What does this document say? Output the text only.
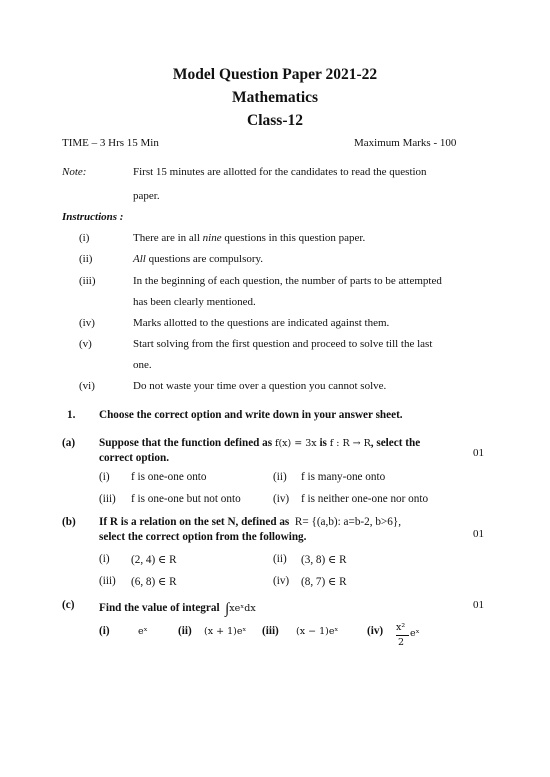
Model Question Paper 2021-22
Mathematics
Class-12
TIME – 3 Hrs 15 Min	Maximum Marks - 100
Note:	First 15 minutes are allotted for the candidates to read the question
paper.
Instructions :
(i)	There are in all nine questions in this question paper.
(ii)	All questions are compulsory.
(iii)	In the beginning of each question, the number of parts to be attempted
has been clearly mentioned.
(iv)	Marks allotted to the questions are indicated against them.
(v)	Start solving from the first question and proceed to solve till the last
one.
(vi)	Do not waste your time over a question you cannot solve.
1. Choose the correct option and write down in your answer sheet.
(a) Suppose that the function defined as f(x) = 3x is f : R → R, select the
correct option.	01
(i) f is one-one onto	(ii) f is many-one onto
(iii) f is one-one but not onto	(iv) f is neither one-one nor onto
(b) If R is a relation on the set N, defined as R= {(a,b): a=b-2, b>6},
select the correct option from the following.	01
(i) (2, 4) ∈ R	(ii) (3, 8) ∈ R
(iii) (6, 8) ∈ R	(iv) (8, 7) ∈ R
(c) Find the value of integral ∫xeˣdx	01
(i)	eˣ	(ii) (x + 1)eˣ (iii) (x − 1)eˣ	(iv) x²
2
eˣ
